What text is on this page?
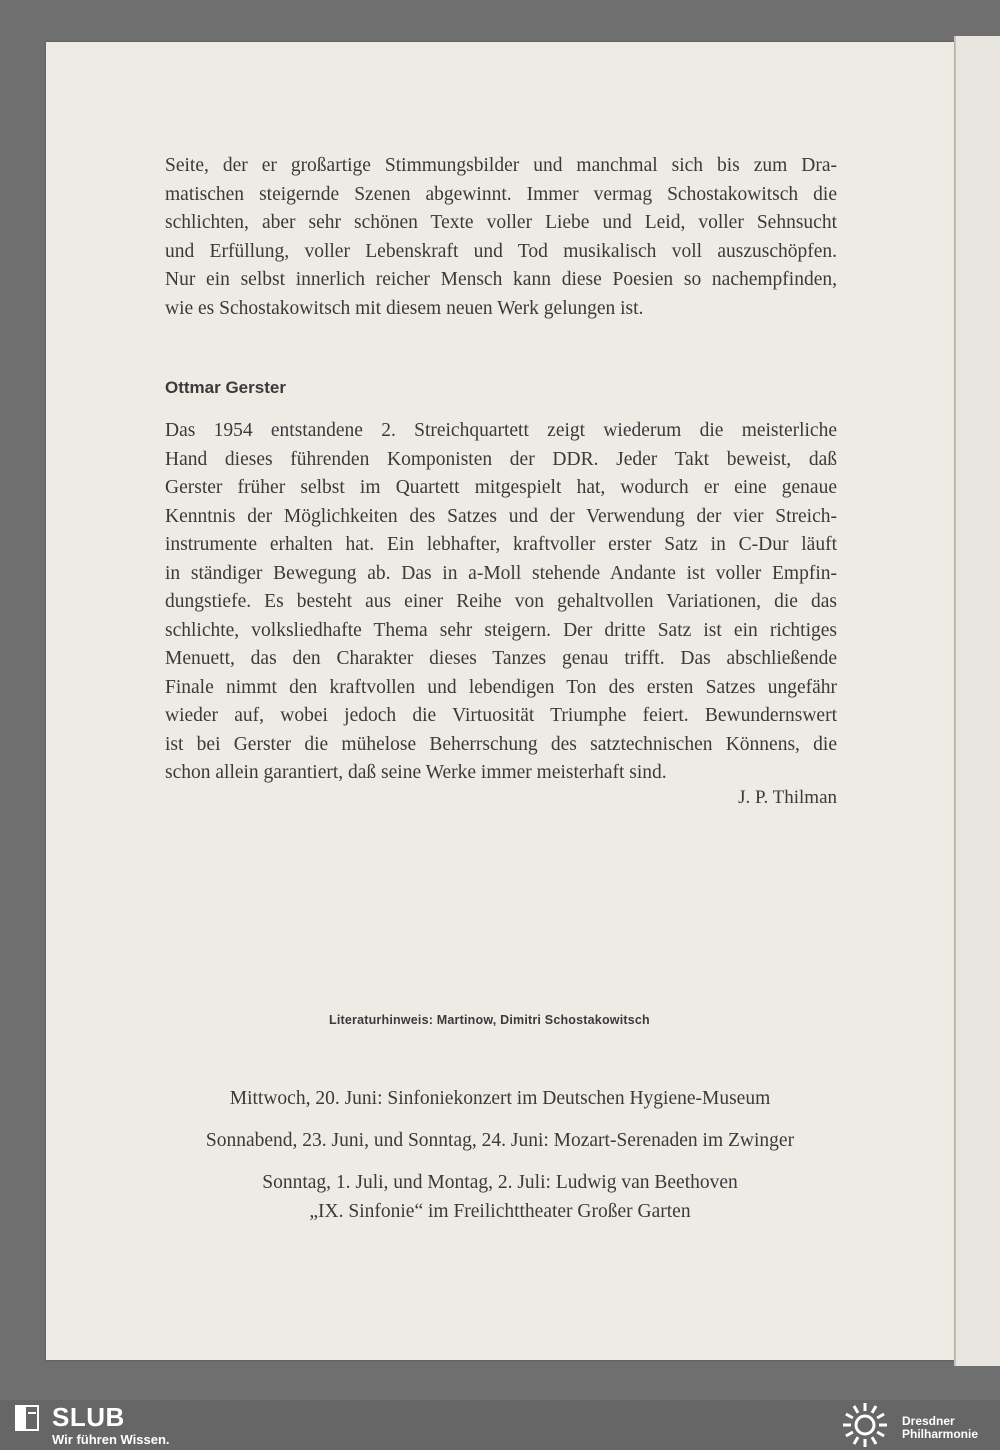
Seite, der er großartige Stimmungsbilder und manchmal sich bis zum Dra-
matischen steigernde Szenen abgewinnt. Immer vermag Schostakowitsch die
schlichten, aber sehr schönen Texte voller Liebe und Leid, voller Sehnsucht
und Erfüllung, voller Lebenskraft und Tod musikalisch voll auszuschöpfen.
Nur ein selbst innerlich reicher Mensch kann diese Poesien so nachempfinden,
wie es Schostakowitsch mit diesem neuen Werk gelungen ist.
Ottmar Gerster
Das 1954 entstandene 2. Streichquartett zeigt wiederum die meisterliche
Hand dieses führenden Komponisten der DDR. Jeder Takt beweist, daß
Gerster früher selbst im Quartett mitgespielt hat, wodurch er eine genaue
Kenntnis der Möglichkeiten des Satzes und der Verwendung der vier Streich-
instrumente erhalten hat. Ein lebhafter, kraftvoller erster Satz in C-Dur läuft
in ständiger Bewegung ab. Das in a-Moll stehende Andante ist voller Empfin-
dungstiefe. Es besteht aus einer Reihe von gehaltvollen Variationen, die das
schlichte, volksliedhafte Thema sehr steigern. Der dritte Satz ist ein richtiges
Menuett, das den Charakter dieses Tanzes genau trifft. Das abschließende
Finale nimmt den kraftvollen und lebendigen Ton des ersten Satzes ungefähr
wieder auf, wobei jedoch die Virtuosität Triumphe feiert. Bewundernswert
ist bei Gerster die mühelose Beherrschung des satztechnischen Könnens, die
schon allein garantiert, daß seine Werke immer meisterhaft sind.
J. P. Thilman
Literaturhinweis: Martinow, Dimitri Schostakowitsch
Mittwoch, 20. Juni: Sinfoniekonzert im Deutschen Hygiene-Museum
Sonnabend, 23. Juni, und Sonntag, 24. Juni: Mozart-Serenaden im Zwinger
Sonntag, 1. Juli, und Montag, 2. Juli: Ludwig van Beethoven
„IX. Sinfonie“ im Freilichttheater Großer Garten
SLUB
Wir führen Wissen.
Dresdner
Philharmonie
